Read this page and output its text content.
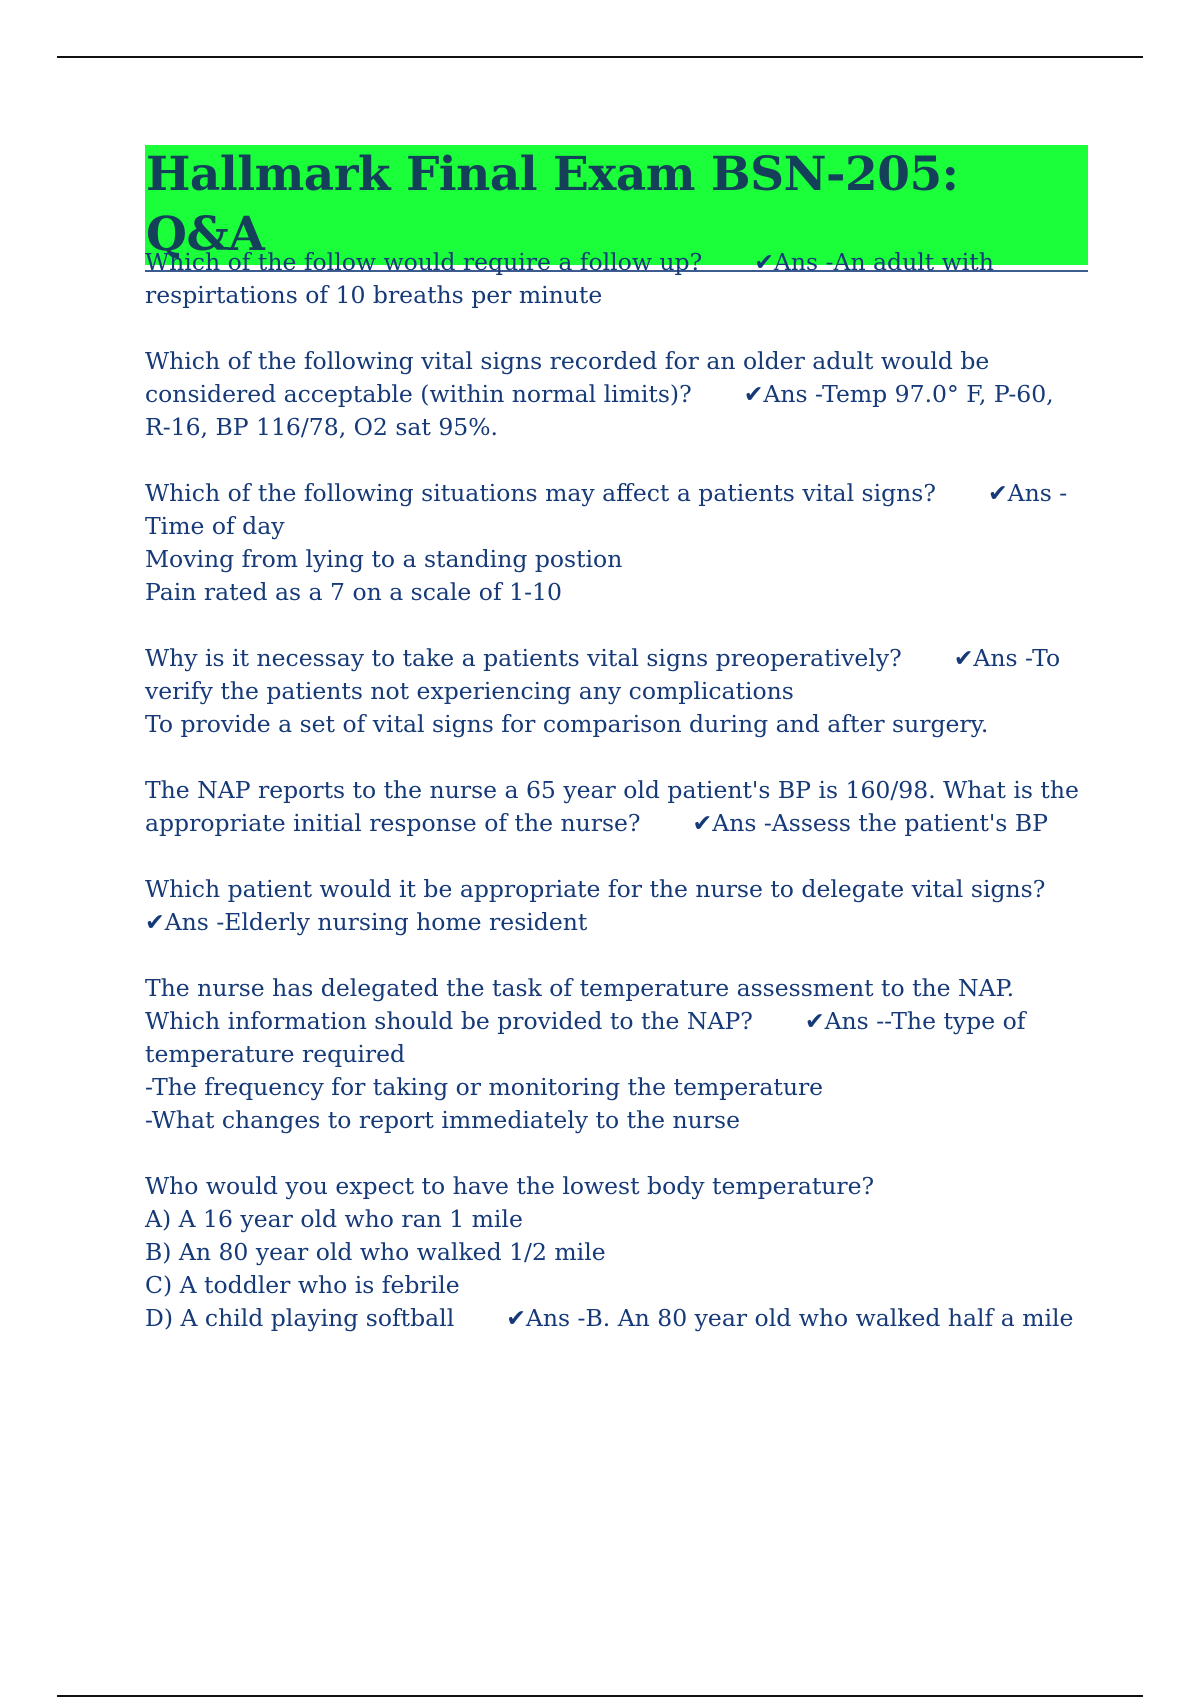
Hallmark Final Exam BSN-205: Q&A
Which of the follow would require a follow up? ✔Ans -An adult with
respirtations of 10 breaths per minute
Which of the following vital signs recorded for an older adult would be
considered acceptable (within normal limits)? ✔Ans -Temp 97.0° F, P-60,
R-16, BP 116/78, O2 sat 95%.
Which of the following situations may affect a patients vital signs? ✔Ans -
Time of day
Moving from lying to a standing postion
Pain rated as a 7 on a scale of 1-10
Why is it necessay to take a patients vital signs preoperatively? ✔Ans -To
verify the patients not experiencing any complications
To provide a set of vital signs for comparison during and after surgery.
The NAP reports to the nurse a 65 year old patient's BP is 160/98. What is the
appropriate initial response of the nurse? ✔Ans -Assess the patient's BP
Which patient would it be appropriate for the nurse to delegate vital signs?
✔Ans -Elderly nursing home resident
The nurse has delegated the task of temperature assessment to the NAP.
Which information should be provided to the NAP? ✔Ans --The type of
temperature required
-The frequency for taking or monitoring the temperature
-What changes to report immediately to the nurse
Who would you expect to have the lowest body temperature?
A) A 16 year old who ran 1 mile
B) An 80 year old who walked 1/2 mile
C) A toddler who is febrile
D) A child playing softball ✔Ans -B. An 80 year old who walked half a mile
